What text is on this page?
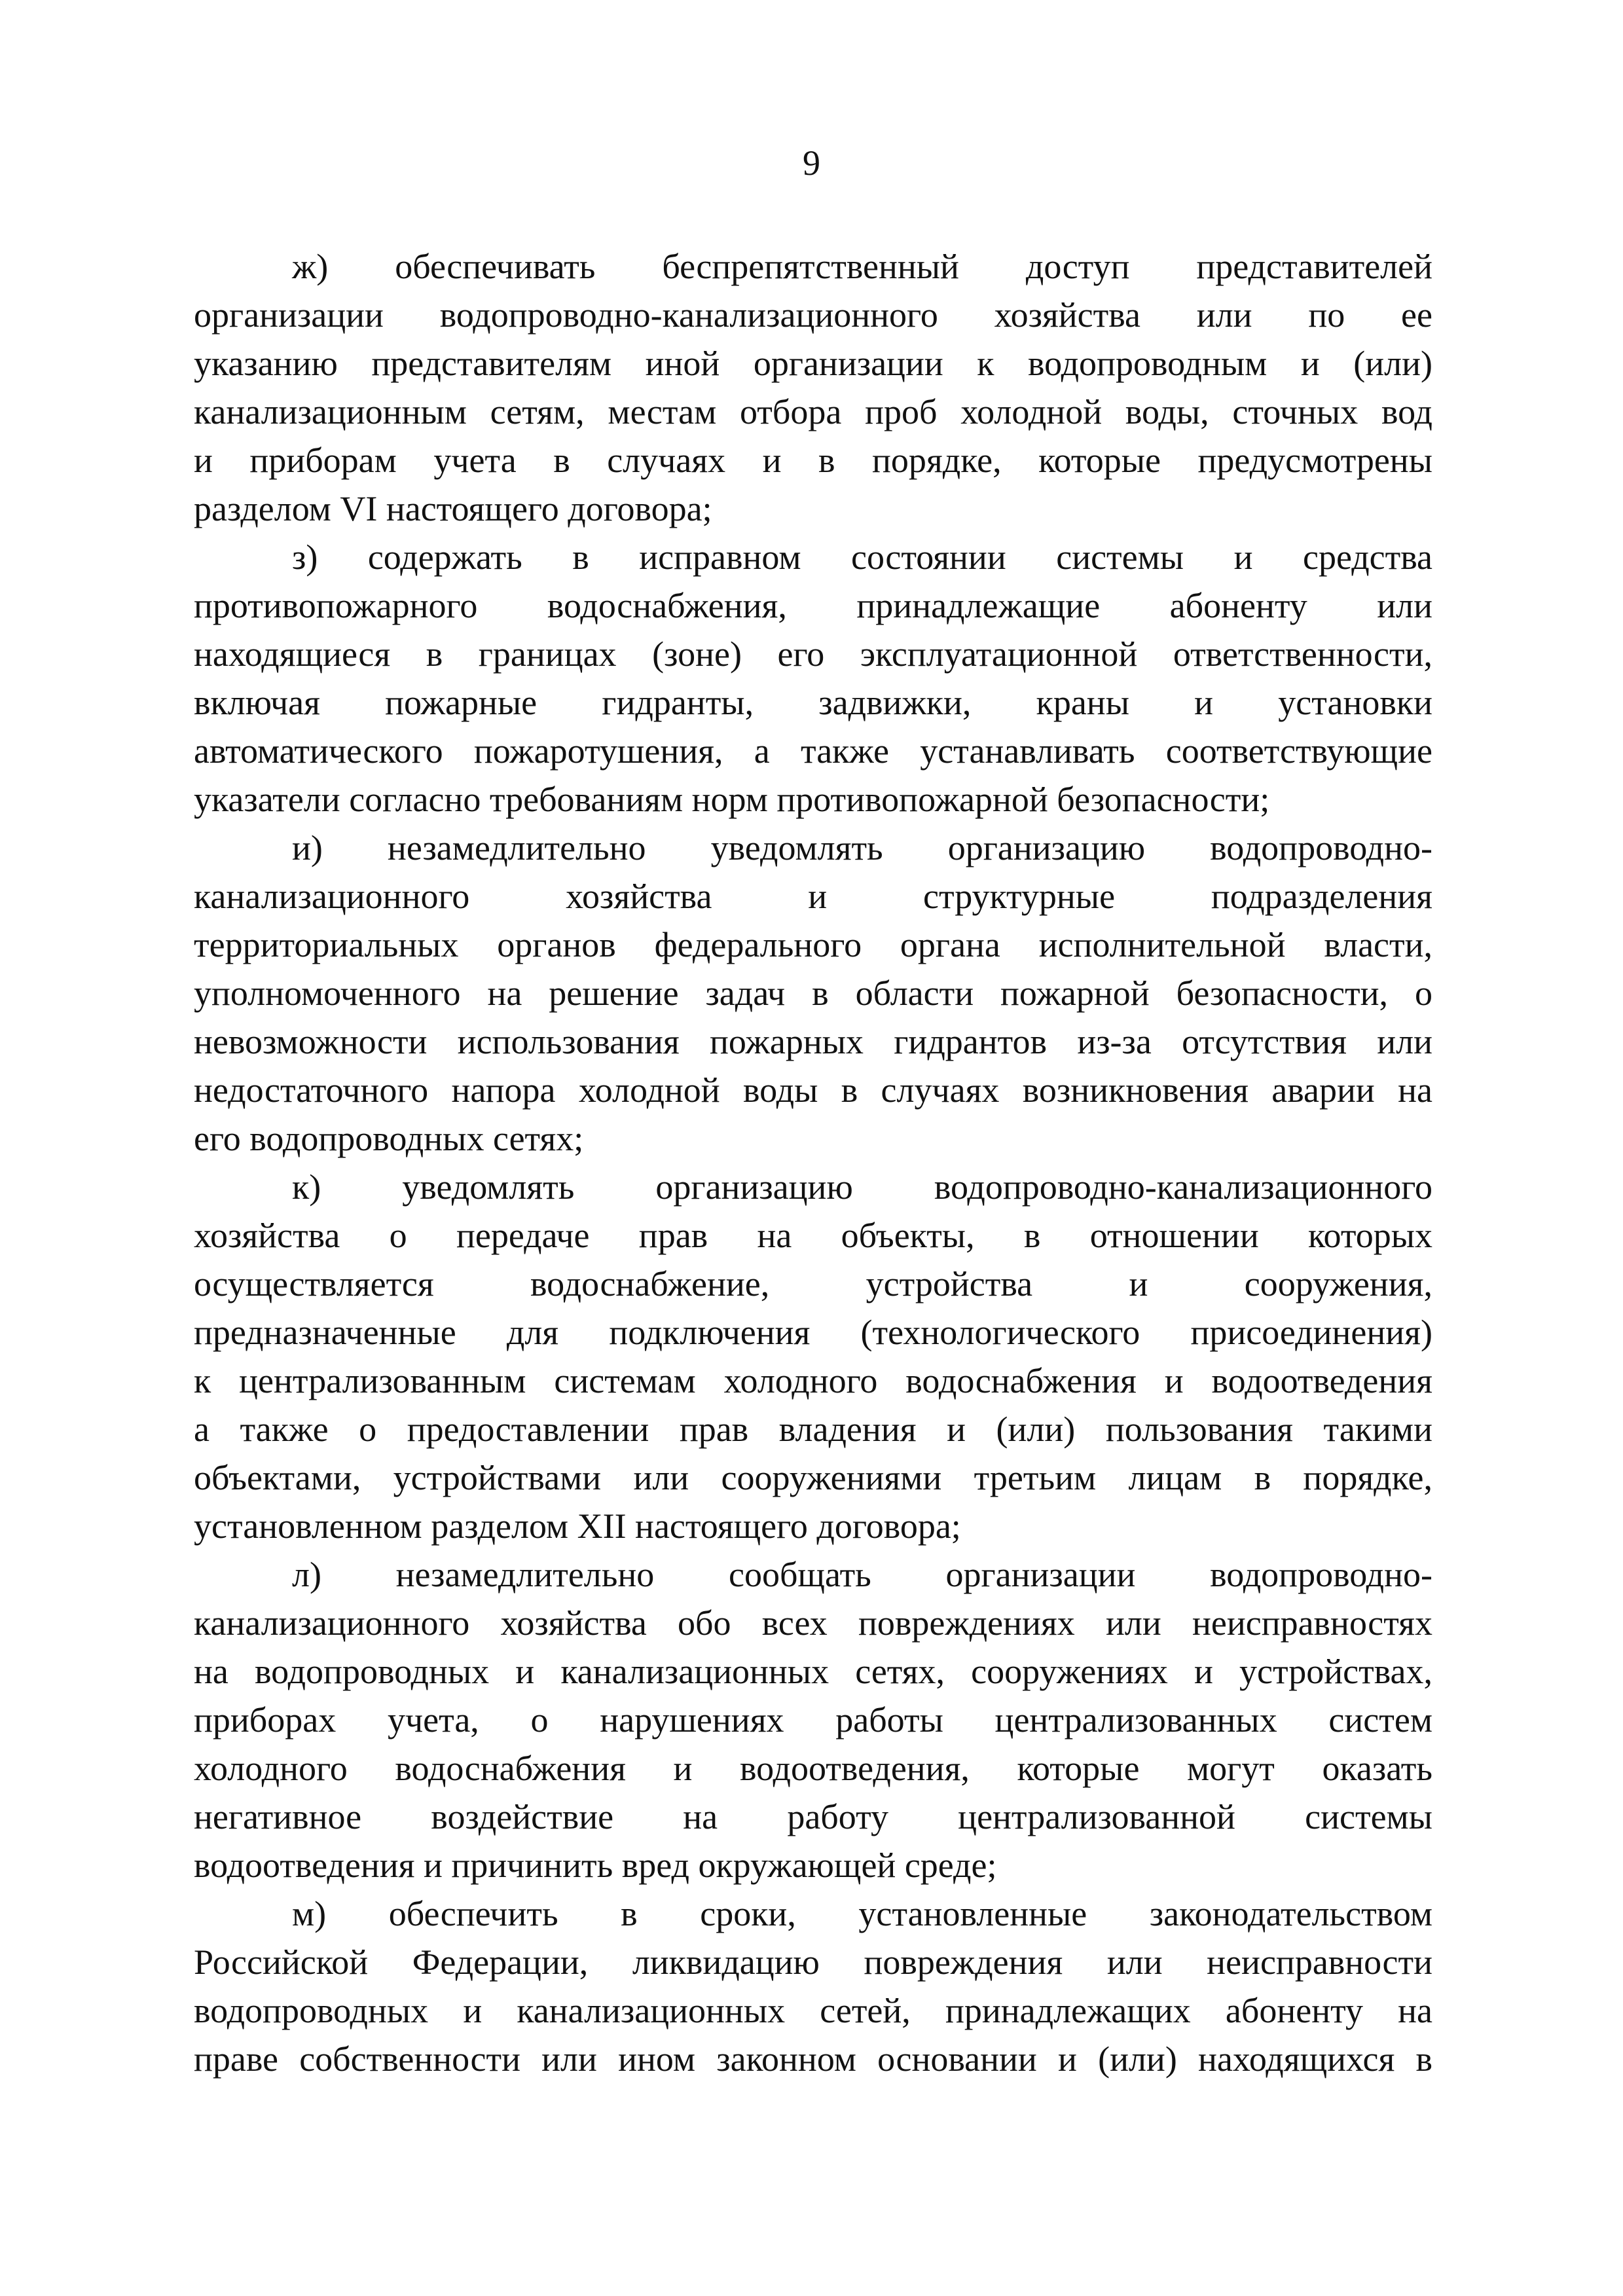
9
ж) обеспечивать беспрепятственный доступ представителей
организации водопроводно-канализационного хозяйства или по ее
указанию представителям иной организации к водопроводным и (или)
канализационным сетям, местам отбора проб холодной воды, сточных вод
и приборам учета в случаях и в порядке, которые предусмотрены
разделом VI настоящего договора;
з) содержать в исправном состоянии системы и средства
противопожарного водоснабжения, принадлежащие абоненту или
находящиеся в границах (зоне) его эксплуатационной ответственности,
включая пожарные гидранты, задвижки, краны и установки
автоматического пожаротушения, а также устанавливать соответствующие
указатели согласно требованиям норм противопожарной безопасности;
и) незамедлительно уведомлять организацию водопроводно-
канализационного хозяйства и структурные подразделения
территориальных органов федерального органа исполнительной власти,
уполномоченного на решение задач в области пожарной безопасности, о
невозможности использования пожарных гидрантов из-за отсутствия или
недостаточного напора холодной воды в случаях возникновения аварии на
его водопроводных сетях;
к) уведомлять организацию водопроводно-канализационного
хозяйства о передаче прав на объекты, в отношении которых
осуществляется водоснабжение, устройства и сооружения,
предназначенные для подключения (технологического присоединения)
к централизованным системам холодного водоснабжения и водоотведения
а также о предоставлении прав владения и (или) пользования такими
объектами, устройствами или сооружениями третьим лицам в порядке,
установленном разделом XII настоящего договора;
л) незамедлительно сообщать организации водопроводно-
канализационного хозяйства обо всех повреждениях или неисправностях
на водопроводных и канализационных сетях, сооружениях и устройствах,
приборах учета, о нарушениях работы централизованных систем
холодного водоснабжения и водоотведения, которые могут оказать
негативное воздействие на работу централизованной системы
водоотведения и причинить вред окружающей среде;
м) обеспечить в сроки, установленные законодательством
Российской Федерации, ликвидацию повреждения или неисправности
водопроводных и канализационных сетей, принадлежащих абоненту на
праве собственности или ином законном основании и (или) находящихся в
